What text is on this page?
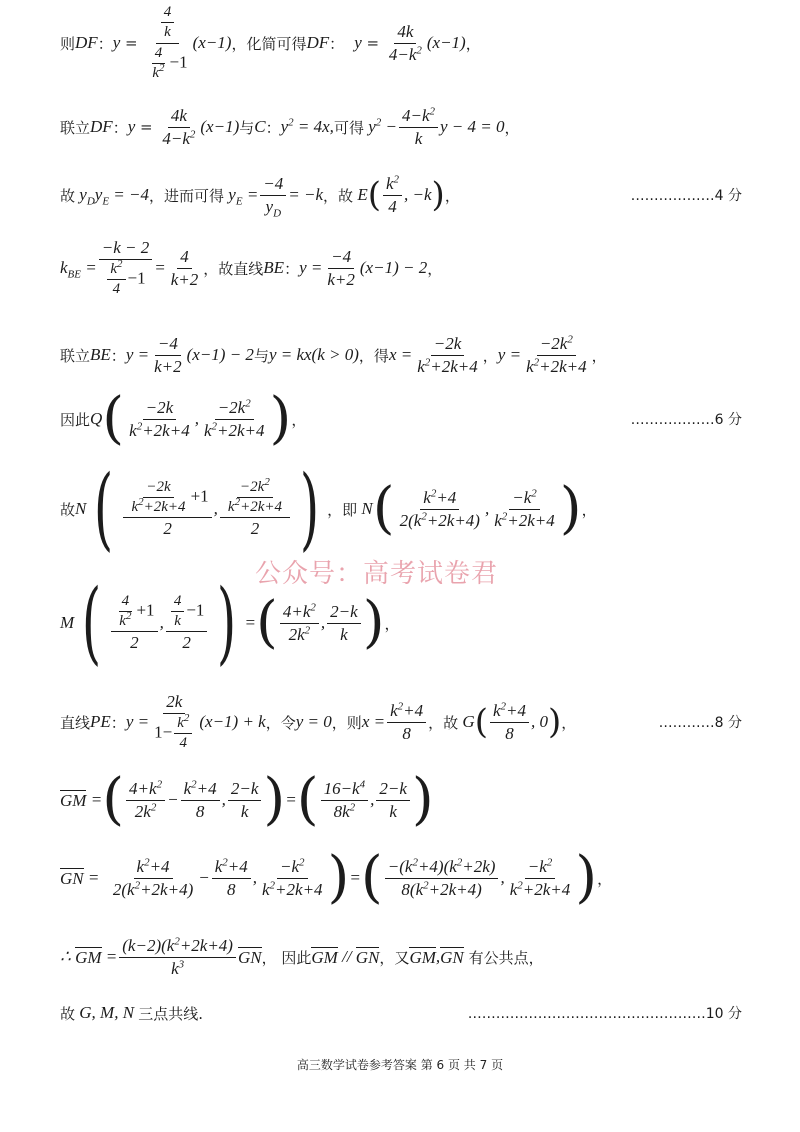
则 DF ： $y = \frac{\frac{4}{k}}{\frac{4}{k^2} -1} (x-1)$ ， 化简可得 DF ： $y = \frac{4k}{4-k^2} (x-1)$ ，
联立 DF ： $y = \frac{4k}{4-k^2} (x-1)$ 与 C ： $y^2 = 4x$, 可得 $y^2 - \frac{4-k^2}{k}$ y − 4 = 0 ，
故 $y_Dy_E = -4$ ， 进而可得 $y_E = \frac{-4}{y_D} = -k$ ， 故 E ( $\frac{k^2}{4}$ , −k ) ，	………………4 分
$k_{BE} = \frac{-k - 2}{\frac{k^2}{4} -1} = \frac{4}{k+2}$ ， 故直线 BE ： $y = \frac{-4}{k+2} (x-1) - 2$ ，
联立 BE ： $y = \frac{-4}{k+2} (x-1) - 2$ 与 y = kx(k > 0) ， 得 $x = \frac{-2k}{k^2+2k+4}$ ， $y = \frac{-2k^2}{k^2+2k+4}$ ，
因此 Q ( $\frac{-2k}{k^2+2k+4}$ , $\frac{-2k^2}{k^2+2k+4}$ ) ，	………………6 分
故 N ( $\frac{\frac{-2k}{k^2+2k+4} +1}{2}$ , $\frac{\frac{-2k^2}{k^2+2k+4}}{2}$ ) ， 即 N ( $\frac{k^2+4}{2(k^2+2k+4)}$ , $\frac{-k^2}{k^2+2k+4}$ ) ，
公众号：高考试卷君
M ( $\frac{\frac{4}{k^2} +1}{2}$ , $\frac{\frac{4}{k} -1}{2}$ ) = ( $\frac{4+k^2}{2k^2}$ , $\frac{2-k}{k}$ ) ，
直线 PE ： $y = \frac{2k}{1- \frac{k^2}{4}} (x-1) + k$ ， 令 y = 0 ， 则 $x = \frac{k^2+4}{8}$ ， 故 G ( $\frac{k^2+4}{8}$ , 0 ) ，	…………8 分
GM = ( $\frac{4+k^2}{2k^2} - \frac{k^2+4}{8}$ , $\frac{2-k}{k}$ ) = ( $\frac{16-k^4}{8k^2}$ , $\frac{2-k}{k}$ )
GN = $\frac{k^2+4}{2(k^2+2k+4)} - \frac{k^2+4}{8}$ , $\frac{-k^2}{k^2+2k+4}$ ) = ( $\frac{-(k^2+4)(k^2+2k)}{8(k^2+2k+4)}$ , $\frac{-k^2}{k^2+2k+4}$ ) ，
∴ GM = $\frac{(k-2)(k^2+2k+4)}{k^3}$ GN ， 因此 GM // GN ， 又 GM , GN
有公共点，
故 G, M, N 三点共线.	……………………………………………10 分
高三数学试卷参考答案 第 6 页 共 7 页
